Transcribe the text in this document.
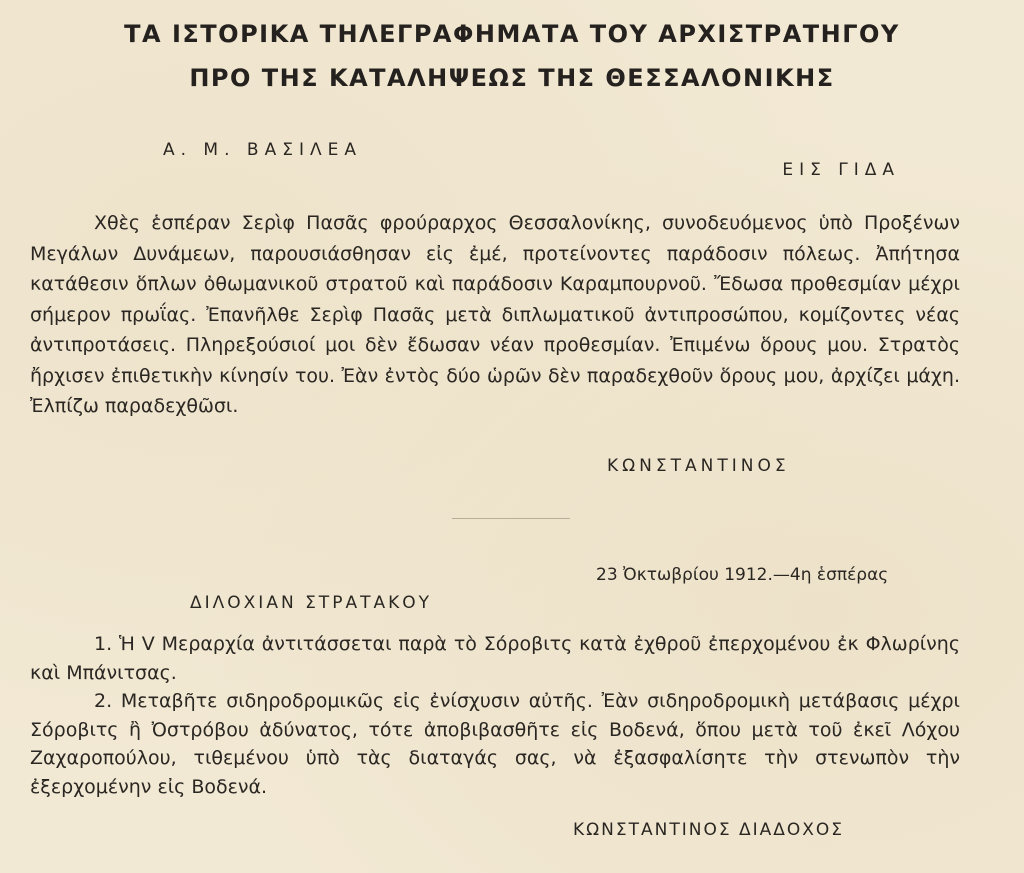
ΤΑ ΙΣΤΟΡΙΚΑ ΤΗΛΕΓΡΑΦΗΜΑΤΑ ΤΟΥ ΑΡΧΙΣΤΡΑΤΗΓΟΥ
ΠΡΟ ΤΗΣ ΚΑΤΑΛΗΨΕΩΣ ΤΗΣ ΘΕΣΣΑΛΟΝΙΚΗΣ
Α. Μ. ΒΑΣΙΛΕΑ
ΕΙΣ ΓΙΔΑ

Χθὲς ἑσπέραν Σερὶφ Πασᾶς φρούραρχος Θεσσαλονίκης, συνοδευόμενος ὑπὸ Προξένων Μεγάλων Δυνάμεων, παρουσιάσθησαν εἰς ἐμέ, προτείνοντες παράδοσιν πόλεως. Ἀπήτησα κατάθεσιν ὅπλων ὀθωμανικοῦ στρατοῦ καὶ παράδοσιν Καραμπουρνοῦ. Ἔδωσα προθεσμίαν μέχρι σήμερον πρωΐας. Ἐπανῆλθε Σερὶφ Πασᾶς μετὰ διπλωματικοῦ ἀντιπροσώπου, κομίζοντες νέας ἀντιπροτάσεις. Πληρεξούσιοί μοι δὲν ἔδωσαν νέαν προθεσμίαν. Ἐπιμένω ὅρους μου. Στρατὸς ἤρχισεν ἐπιθετικὴν κίνησίν του. Ἐὰν ἐντὸς δύο ὡρῶν δὲν παραδεχθοῦν ὅρους μου, ἀρχίζει μάχη. Ἐλπίζω παραδεχθῶσι.

ΚΩΝΣΤΑΝΤΙΝΟΣ
23 Ὀκτωβρίου 1912.—4η ἑσπέρας
ΔΙΛΟΧΙΑΝ ΣΤΡΑΤΑΚΟΥ

1. Ἡ V Μεραρχία ἀντιτάσσεται παρὰ τὸ Σόροβιτς κατὰ ἐχθροῦ ἐπερχομένου ἐκ Φλωρίνης καὶ Μπάνιτσας.

2. Μεταβῆτε σιδηροδρομικῶς εἰς ἐνίσχυσιν αὐτῆς. Ἐὰν σιδηροδρομικὴ μετάβασις μέχρι Σόροβιτς ἢ Ὀστρόβου ἀδύνατος, τότε ἀποβιβασθῆτε εἰς Βοδενά, ὅπου μετὰ τοῦ ἐκεῖ Λόχου Ζαχαροπούλου, τιθεμένου ὑπὸ τὰς διαταγάς σας, νὰ ἐξασφαλίσητε τὴν στενωπὸν τὴν ἐξερχομένην εἰς Βοδενά.

ΚΩΝΣΤΑΝΤΙΝΟΣ ΔΙΑΔΟΧΟΣ
